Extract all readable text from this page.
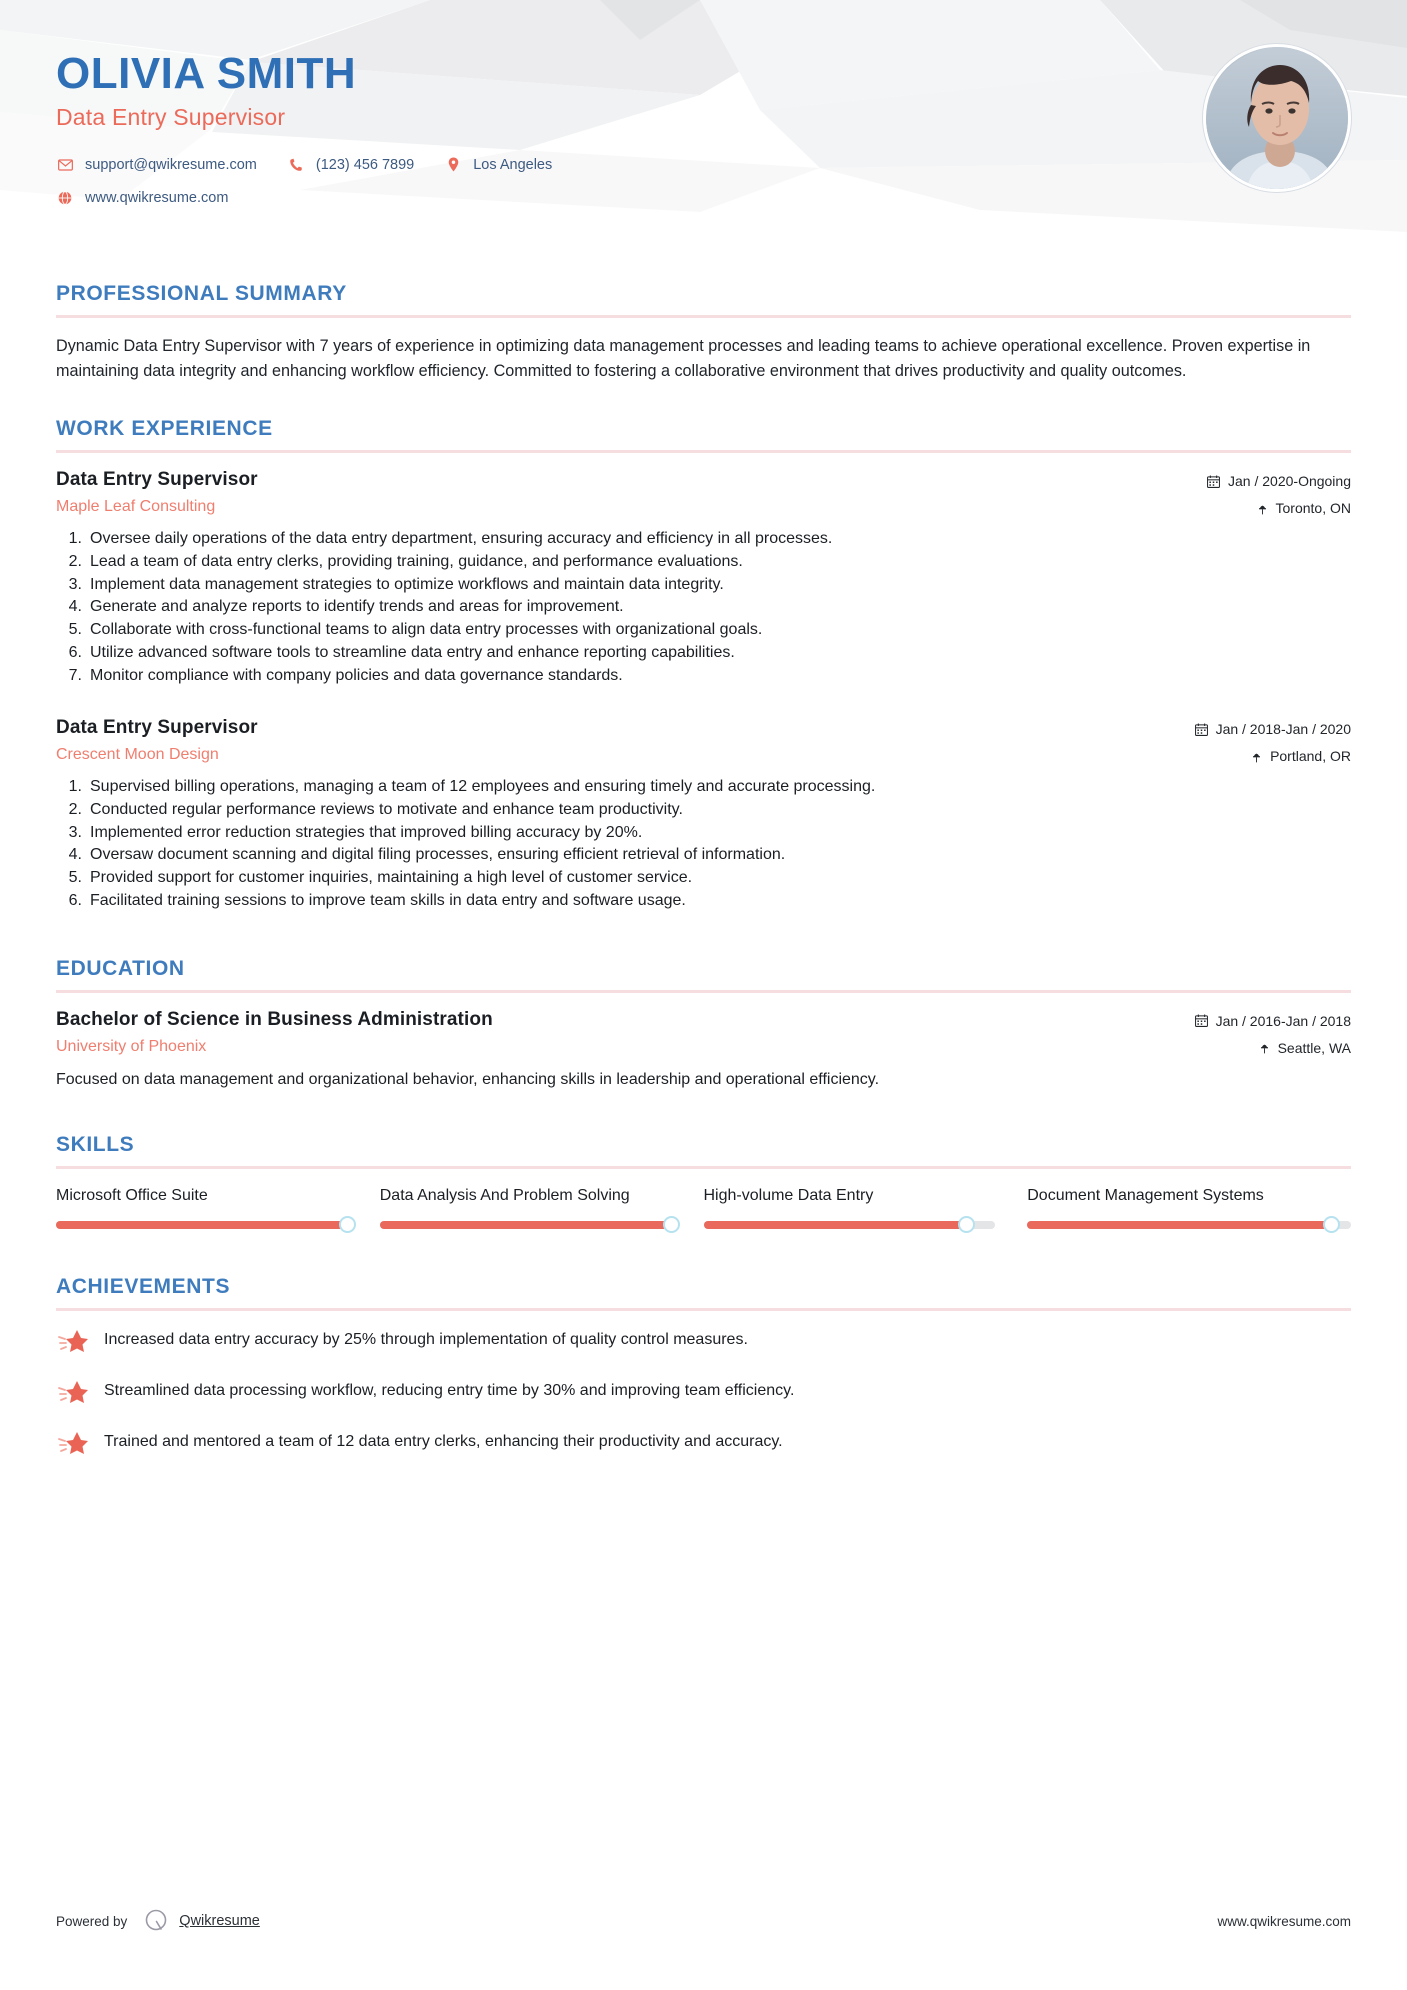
OLIVIA SMITH
Data Entry Supervisor
support@qwikresume.com	(123) 456 7899	Los Angeles
www.qwikresume.com
PROFESSIONAL SUMMARY
Dynamic Data Entry Supervisor with 7 years of experience in optimizing data management processes and leading teams to achieve operational excellence. Proven expertise in maintaining data integrity and enhancing workflow efficiency. Committed to fostering a collaborative environment that drives productivity and quality outcomes.
WORK EXPERIENCE
Data Entry Supervisor
Maple Leaf Consulting
Jan / 2020-Ongoing
Toronto, ON
1. Oversee daily operations of the data entry department, ensuring accuracy and efficiency in all processes.
2. Lead a team of data entry clerks, providing training, guidance, and performance evaluations.
3. Implement data management strategies to optimize workflows and maintain data integrity.
4. Generate and analyze reports to identify trends and areas for improvement.
5. Collaborate with cross-functional teams to align data entry processes with organizational goals.
6. Utilize advanced software tools to streamline data entry and enhance reporting capabilities.
7. Monitor compliance with company policies and data governance standards.
Data Entry Supervisor
Crescent Moon Design
Jan / 2018-Jan / 2020
Portland, OR
1. Supervised billing operations, managing a team of 12 employees and ensuring timely and accurate processing.
2. Conducted regular performance reviews to motivate and enhance team productivity.
3. Implemented error reduction strategies that improved billing accuracy by 20%.
4. Oversaw document scanning and digital filing processes, ensuring efficient retrieval of information.
5. Provided support for customer inquiries, maintaining a high level of customer service.
6. Facilitated training sessions to improve team skills in data entry and software usage.
EDUCATION
Bachelor of Science in Business Administration
University of Phoenix
Jan / 2016-Jan / 2018
Seattle, WA
Focused on data management and organizational behavior, enhancing skills in leadership and operational efficiency.
SKILLS
Microsoft Office Suite	Data Analysis And Problem Solving	High-volume Data Entry	Document Management Systems
ACHIEVEMENTS
Increased data entry accuracy by 25% through implementation of quality control measures.
Streamlined data processing workflow, reducing entry time by 30% and improving team efficiency.
Trained and mentored a team of 12 data entry clerks, enhancing their productivity and accuracy.
Powered by	Qwikresume	www.qwikresume.com
